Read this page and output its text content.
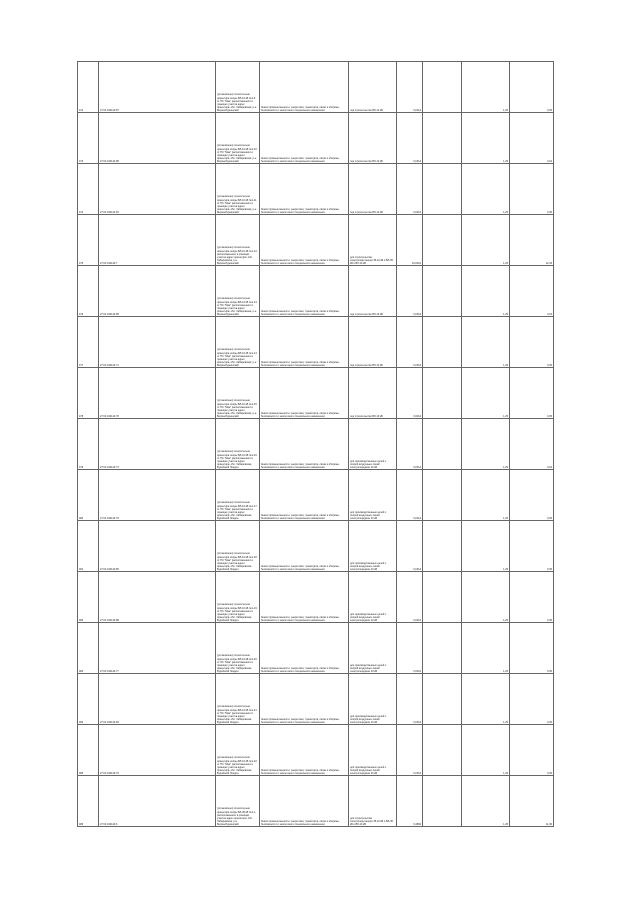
472	27:01:010144:87	(установлено) относительно ориентира опоры ВЛ-10 кВ №1-9 от ПС "Ман" расположенного в границах участка адрес ориентира: обл. Хабаровская, р-н Верхнебуреинский	Земли промышленности, энергетики, транспорта, связи и обороны, безопасности и земли иного специального назначения	под строительство ВЛ-10 кВ	0,0014		1,25	0,05
473	27:01:010144:98	(установлено) относительно ориентира опоры ВЛ-10 кВ №1-10 от ПС "Ман" расположенного в границах участка адрес ориентира: обл. Хабаровская, р-н Верхнебуреинский	Земли промышленности, энергетики, транспорта, связи и обороны, безопасности и земли иного специального назначения	под строительство ВЛ-10 кВ	0,0014		1,25	0,04
474	27:01:010144:63	(установлено) относительно ориентира опоры ВЛ-10 кВ №1-11 от ПС "Ман" расположенного в границах участка адрес ориентира: обл. Хабаровская, р-н Верхнебуреинский	Земли промышленности, энергетики, транспорта, связи и обороны, безопасности и земли иного специального назначения	под строительство ВЛ-10 кВ	0,0014		1,25	0,05
475	27:01:010144:7	(установлено) относительно ориентира опоры ВЛ-10 кВ №1-12, расположенного в границах участка адрес ориентира: обл. Хабаровская, р-н Верхнебуреинский	Земли промышленности, энергетики, транспорта, связи и обороны, безопасности и земли иного специального назначения	для строительства электроподстанции 35-10 кВ и ВЛ-35 кВ и ВЛ-10 кВ	10,0014		1,25	12,18
476	27:01:010144:95	(установлено) относительно ориентира опоры ВЛ-10 кВ №1-13 от ПС "Ман" расположенного в границах участка адрес ориентира: обл. Хабаровская, р-н Верхнебуреинский	Земли промышленности, энергетики, транспорта, связи и обороны, безопасности и земли иного специального назначения	под строительство ВЛ-10 кВ	0,0014		1,25	0,04
477	27:01:010144:71	(установлено) относительно ориентира опоры ВЛ-10 кВ №1-14 от ПС "Ман" расположенного в границах участка адрес ориентира: обл. Хабаровская, р-н Верхнебуреинский	Земли промышленности, энергетики, транспорта, связи и обороны, безопасности и земли иного специального назначения	под строительство ВЛ-10 кВ	0,0014		1,25	0,05
478	27:01:010144:78	(установлено) относительно ориентира опоры ВЛ-10 кВ №1-15 от ПС "Ман" расположенного в границах участка адрес ориентира: обл. Хабаровская, р-н Верхнебуреинский	Земли промышленности, энергетики, транспорта, связи и обороны, безопасности и земли иного специального назначения	под строительство ВЛ-10 кВ	0,0014		1,25	0,05
479	27:01:010144:73	(установлено) относительно ориентира опоры ВЛ-10 кВ №1-16 от ПС "Ман" расположенного в границах участка адрес ориентира: обл. Хабаровская, Бурейский Лондон	Земли промышленности, энергетики, транспорта, связи и обороны, безопасности и земли иного специального назначения	для производственных целей с опорой воздушных линий электропередачи 10 кВ	0,0014		1,25	0,04
480	27:01:010144:76	(установлено) относительно ориентира опоры ВЛ-10 кВ №1-17 от ПС "Ман" расположенного в границах участка адрес ориентира: обл. Хабаровская, Бурейский Лондон	Земли промышленности, энергетики, транспорта, связи и обороны, безопасности и земли иного специального назначения	для производственных целей с опорой воздушных линий электропередачи 10 кВ	0,0014		1,25	0,05
481	27:01:010144:85	(установлено) относительно ориентира опоры ВЛ-10 кВ №1-18 от ПС "Ман" расположенного в границах участка адрес ориентира: обл. Хабаровская, Бурейский Лондон	Земли промышленности, энергетики, транспорта, связи и обороны, безопасности и земли иного специального назначения	для производственных целей с опорой воздушных линий электропередачи 10 кВ	0,0014		1,25	0,05
482	27:01:010144:88	(установлено) относительно ориентира опоры ВЛ-10 кВ №1-19 от ПС "Ман" расположенного в границах участка адрес ориентира: обл. Хабаровская, Бурейский Лондон	Земли промышленности, энергетики, транспорта, связи и обороны, безопасности и земли иного специального назначения	для производственных целей с опорой воздушных линий электропередачи 10 кВ	0,0014		1,25	0,05
483	27:01:010144:77	(установлено) относительно ориентира опоры ВЛ-10 кВ №1-20 от ПС "Ман" расположенного в границах участка адрес ориентира: обл. Хабаровская, Бурейский Лондон	Земли промышленности, энергетики, транспорта, связи и обороны, безопасности и земли иного специального назначения	для производственных целей с опорой воздушных линий электропередачи 10 кВ	0,0014		1,25	0,05
484	27:01:010144:83	(установлено) относительно ориентира опоры ВЛ-10 кВ №1-21 от ПС "Ман" расположенного в границах участка адрес ориентира: обл. Хабаровская, Бурейский Лондон	Земли промышленности, энергетики, транспорта, связи и обороны, безопасности и земли иного специального назначения	для производственных целей с опорой воздушных линий электропередачи 10 кВ	0,0014		1,25	0,05
485	27:01:010144:79	(установлено) относительно ориентира опоры ВЛ-10 кВ №1-22 от ПС "Ман" расположенного в границах участка адрес ориентира: обл. Хабаровская, Бурейский Лондон	Земли промышленности, энергетики, транспорта, связи и обороны, безопасности и земли иного специального назначения	для производственных целей с опорой воздушных линий электропередачи 10 кВ	0,0014		1,25	0,05
486	27:01:010144:6	(установлено) относительно ориентира опоры ВЛ-35 кВ №1-1, расположенного в границах участка адрес ориентира: обл. Хабаровская, р-н Верхнебуреинский	Земли промышленности, энергетики, транспорта, связи и обороны, безопасности и земли иного специального назначения	для строительства электроподстанции 35-10 кВ и ВЛ-35 кВ и ВЛ-10 кВ	9,4684		1,25	11,96
